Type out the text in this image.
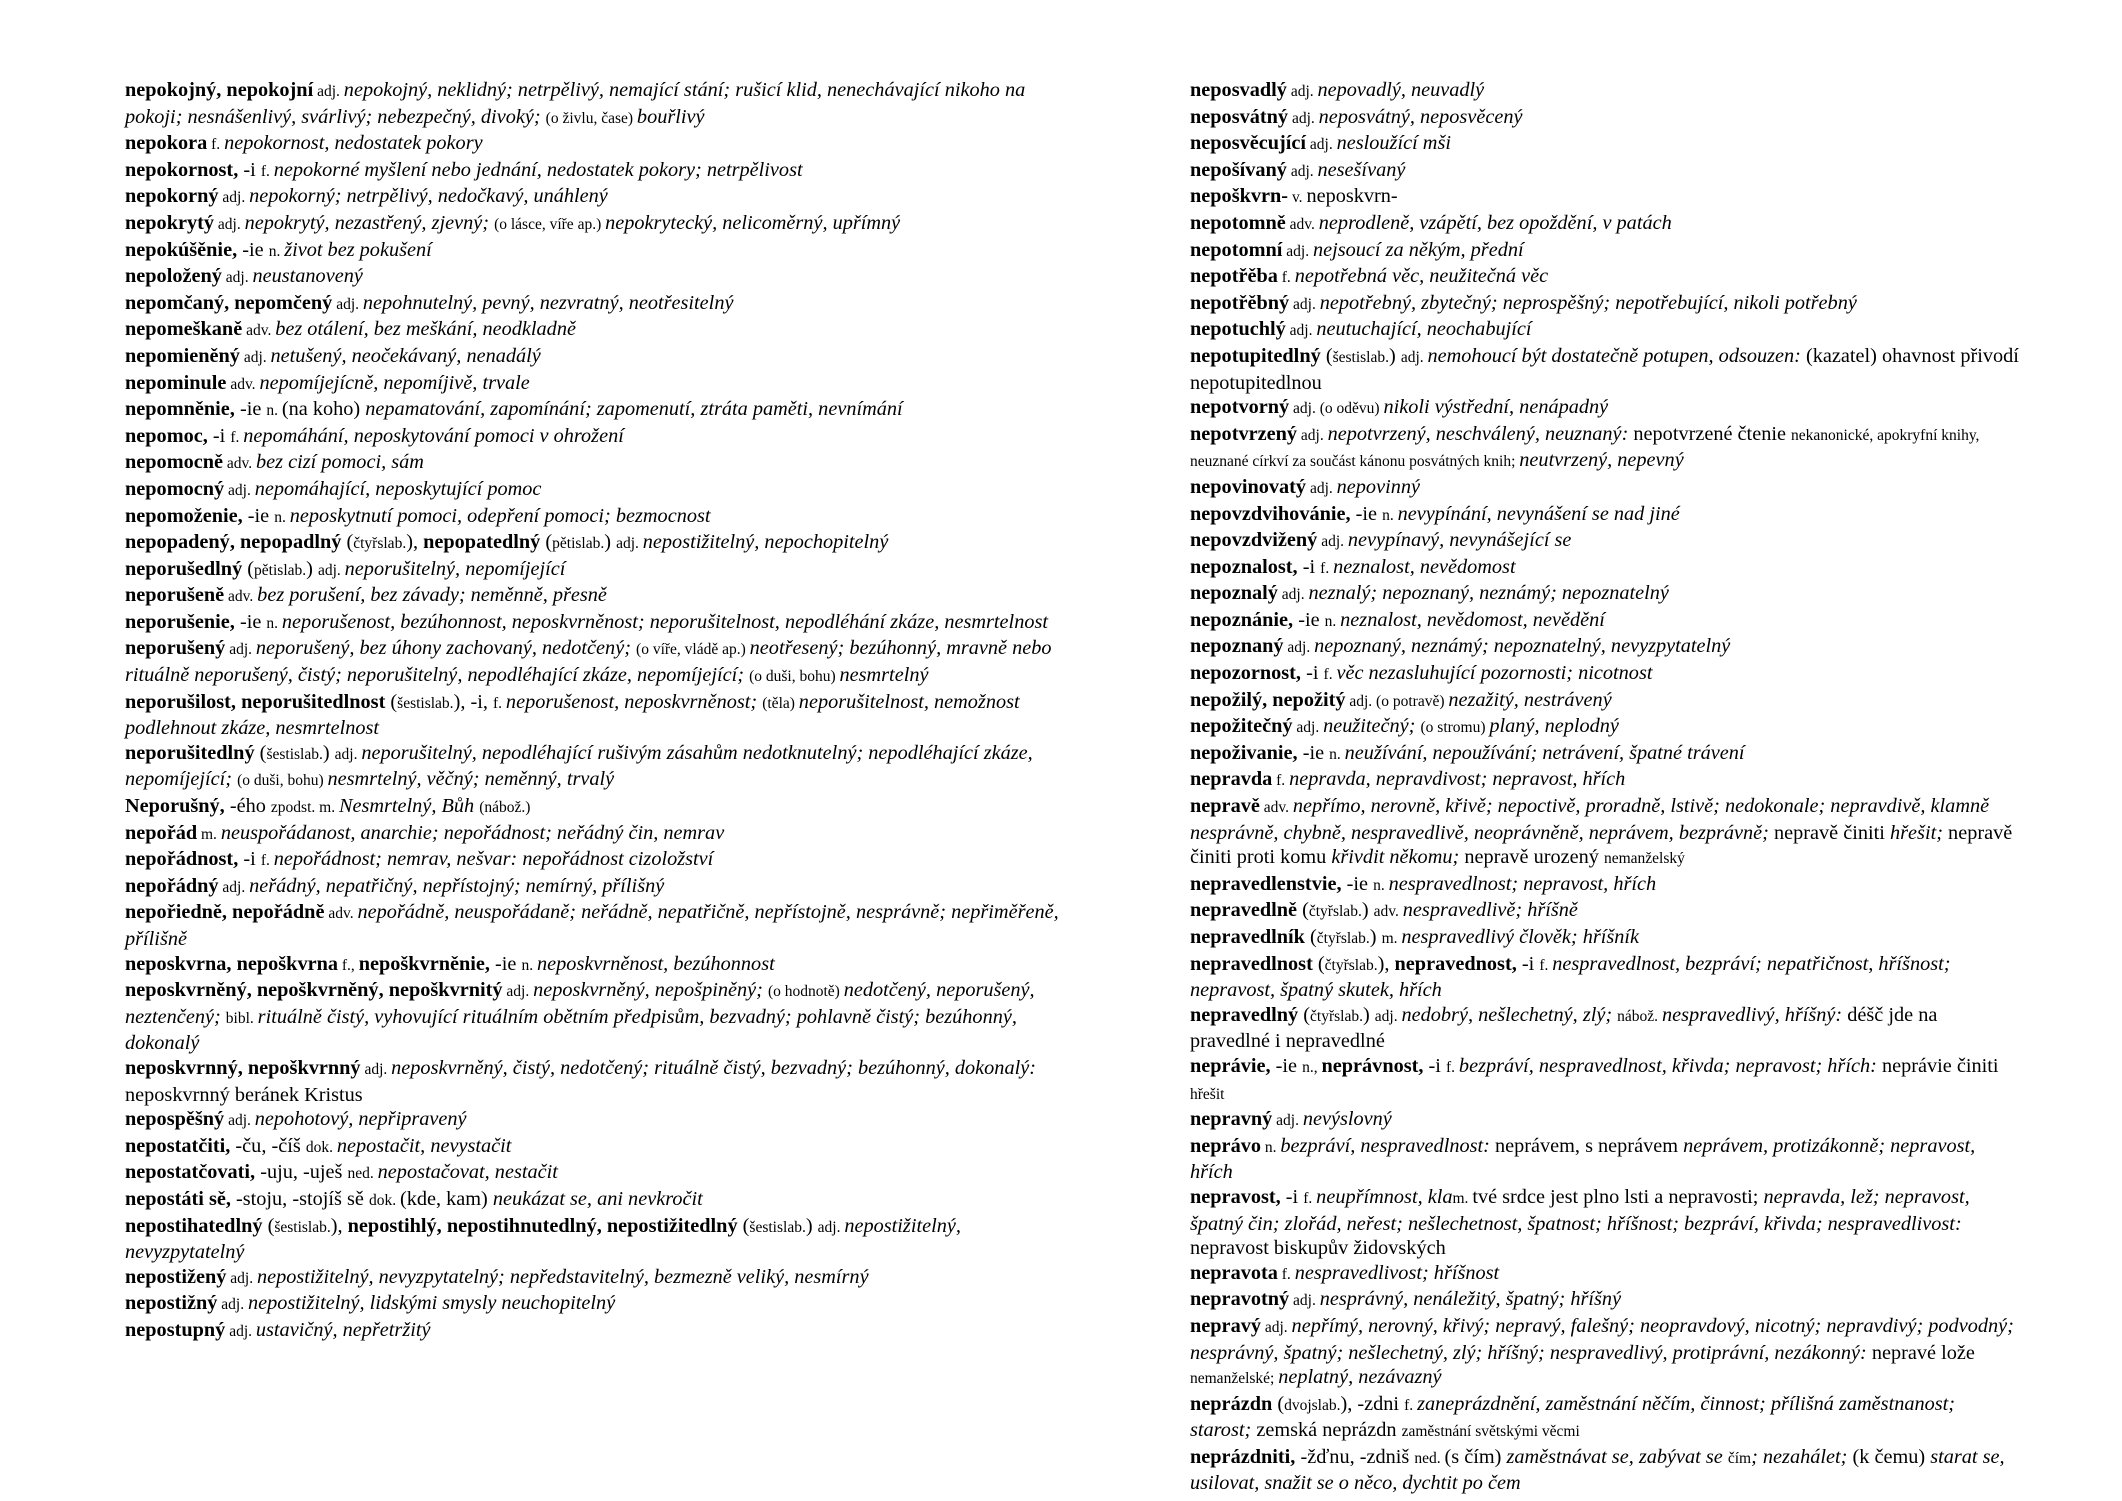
nepokojný, nepokojní adj. nepokojný, neklidný; netrpělivý, nemající stání; rušicí klid, nenechávající nikoho na pokoji; nesnášenlivý, svárlivý; nebezpečný, divoký; (o živlu, čase) bouřlivý

nepokora f. nepokornost, nedostatek pokory

nepokornost, -i f. nepokorné myšlení nebo jednání, nedostatek pokory; netrpělivost

nepokorný adj. nepokorný; netrpělivý, nedočkavý, unáhlený

nepokrytý adj. nepokrytý, nezastřený, zjevný; (o lásce, víře ap.) nepokrytecký, nelicoměrný, upřímný

nepokúšěnie, -ie n. život bez pokušení

nepoložený adj. neustanovený

nepomčaný, nepomčený adj. nepohnutelný, pevný, nezvratný, neotřesitelný

nepomeškaně adv. bez otálení, bez meškání, neodkladně

nepomieněný adj. netušený, neočekávaný, nenadálý

nepominule adv. nepomíjejícně, nepomíjivě, trvale

nepomněnie, -ie n. (na koho) nepamatování, zapomínání; zapomenutí, ztráta paměti, nevnímání

nepomoc, -i f. nepomáhání, neposkytování pomoci v ohrožení

nepomocně adv. bez cizí pomoci, sám

nepomocný adj. nepomáhající, neposkytující pomoc

nepomoženie, -ie n. neposkytnutí pomoci, odepření pomoci; bezmocnost

nepopadený, nepopadlný (čtyřslab.), nepopatedlný (pětislab.) adj. nepostižitelný, nepochopitelný

neporušedlný (pětislab.) adj. neporušitelný, nepomíjející

neporušeně adv. bez porušení, bez závady; neměnně, přesně

neporušenie, -ie n. neporušenost, bezúhonnost, neposkvrněnost; neporušitelnost, nepodléhání zkáze, nesmrtelnost

neporušený adj. neporušený, bez úhony zachovaný, nedotčený; (o víře, vládě ap.) neotřesený; bezúhonný, mravně nebo rituálně neporušený, čistý; neporušitelný, nepodléhající zkáze, nepomíjející; (o duši, bohu) nesmrtelný

neporušilost, neporušitedlnost (šestislab.), -i, f. neporušenost, neposkvrněnost; (těla) neporušitelnost, nemožnost podlehnout zkáze, nesmrtelnost

neporušitedlný (šestislab.) adj. neporušitelný, nepodléhající rušivým zásahům nedotknutelný; nepodléhající zkáze, nepomíjející; (o duši, bohu) nesmrtelný, věčný; neměnný, trvalý

Neporušný, -ého zpodst. m. Nesmrtelný, Bůh (nábož.)

nepořád m. neuspořádanost, anarchie; nepořádnost; neřádný čin, nemrav

nepořádnost, -i f. nepořádnost; nemrav, nešvar: nepořádnost cizoložství

nepořádný adj. neřádný, nepatřičný, nepřístojný; nemírný, přílišný

nepořiedně, nepořádně adv. nepořádně, neuspořádaně; neřádně, nepatřičně, nepřístojně, nesprávně; nepřiměřeně, přílišně

neposkvrna, nepoškvrna f., nepoškvrněnie, -ie n. neposkvrněnost, bezúhonnost

neposkvrněný, nepoškvrněný, nepoškvrnitý adj. neposkvrněný, nepošpiněný; (o hodnotě) nedotčený, neporušený, neztenčený; bibl. rituálně čistý, vyhovující rituálním obětním předpisům, bezvadný; pohlavně čistý; bezúhonný, dokonalý

neposkvrnný, nepoškvrnný adj. neposkvrněný, čistý, nedotčený; rituálně čistý, bezvadný; bezúhonný, dokonalý: neposkvrnný beránek Kristus

nepospěšný adj. nepohotový, nepřipravený

nepostatčiti, -ču, -číš dok. nepostačit, nevystačit

nepostatčovati, -uju, -uješ ned. nepostačovat, nestačit

nepostáti sě, -stoju, -stojíš sě dok. (kde, kam) neukázat se, ani nevkročit

nepostihatedlný (šestislab.), nepostihlý, nepostihnutedlný, nepostižitedlný (šestislab.) adj. nepostižitelný, nevyzpytatelný

nepostižený adj. nepostižitelný, nevyzpytatelný; nepředstavitelný, bezmezně veliký, nesmírný

nepostižný adj. nepostižitelný, lidskými smysly neuchopitelný

nepostupný adj. ustavičný, nepřetržitý

neposvadlý adj. nepovadlý, neuvadlý

neposvátný adj. neposvátný, neposvěcený

neposvěcující adj. nesloužící mši

nepošívaný adj. nesešívaný

nepoškvrn- v. neposkvrn-

nepotomně adv. neprodleně, vzápětí, bez opoždění, v patách

nepotomní adj. nejsoucí za někým, přední

nepotřěba f. nepotřebná věc, neužitečná věc

nepotřěbný adj. nepotřebný, zbytečný; neprospěšný; nepotřebující, nikoli potřebný

nepotuchlý adj. neutuchající, neochabující

nepotupitedlný (šestislab.) adj. nemohoucí být dostatečně potupen, odsouzen: (kazatel) ohavnost přivodí nepotupitedlnou

nepotvorný adj. (o oděvu) nikoli výstřední, nenápadný

nepotvrzený adj. nepotvrzený, neschválený, neuznaný: nepotvrzené čtenie nekanonické, apokryfní knihy, neuznané církví za součást kánonu posvátných knih; neutvrzený, nepevný

nepovinovatý adj. nepovinný

nepovzdvihovánie, -ie n. nevypínání, nevynášení se nad jiné

nepovzdvižený adj. nevypínavý, nevynášející se

nepoznalost, -i f. neznalost, nevědomost

nepoznalý adj. neznalý; nepoznaný, neznámý; nepoznatelný

nepoznánie, -ie n. neznalost, nevědomost, nevědění

nepoznaný adj. nepoznaný, neznámý; nepoznatelný, nevyzpytatelný

nepozornost, -i f. věc nezasluhující pozornosti; nicotnost

nepožilý, nepožitý adj. (o potravě) nezažitý, nestrávený

nepožitečný adj. neužitečný; (o stromu) planý, neplodný

nepoživanie, -ie n. neužívání, nepoužívání; netrávení, špatné trávení

nepravda f. nepravda, nepravdivost; nepravost, hřích

nepravě adv. nepřímo, nerovně, křivě; nepoctivě, proradně, lstivě; nedokonale; nepravdivě, klamně nesprávně, chybně, nespravedlivě, neoprávněně, neprávem, bezprávně; nepravě činiti hřešit; nepravě činiti proti komu křivdit někomu; nepravě urozený nemanželský

nepravedlenstvie, -ie n. nespravedlnost; nepravost, hřích

nepravedlně (čtyřslab.) adv. nespravedlivě; hříšně

nepravedlník (čtyřslab.) m. nespravedlivý člověk; hříšník

nepravedlnost (čtyřslab.), nepravednost, -i f. nespravedlnost, bezpráví; nepatřičnost, hříšnost; nepravost, špatný skutek, hřích

nepravedlný (čtyřslab.) adj. nedobrý, nešlechetný, zlý; nábož. nespravedlivý, hříšný: déšč jde na pravedlné i nepravedlné

neprávie, -ie n., neprávnost, -i f. bezpráví, nespravedlnost, křivda; nepravost; hřích: neprávie činiti hřešit

nepravný adj. nevýslovný

neprávo n. bezpráví, nespravedlnost: neprávem, s neprávem neprávem, protizákonně; nepravost, hřích

nepravost, -i f. neupřímnost, klam. tvé srdce jest plno lsti a nepravosti; nepravda, lež; nepravost, špatný čin; zlořád, neřest; nešlechetnost, špatnost; hříšnost; bezpráví, křivda; nespravedlivost: nepravost biskupův židovských

nepravota f. nespravedlivost; hříšnost

nepravotný adj. nesprávný, nenáležitý, špatný; hříšný

nepravý adj. nepřímý, nerovný, křivý; nepravý, falešný; neopravdový, nicotný; nepravdivý; podvodný; nesprávný, špatný; nešlechetný, zlý; hříšný; nespravedlivý, protiprávní, nezákonný: nepravé lože nemanželské; neplatný, nezávazný

neprázdn (dvojslab.), -zdni f. zaneprázdnění, zaměstnání něčím, činnost; přílišná zaměstnanost; starost; zemská neprázdn zaměstnání světskými věcmi

neprázdniti, -žďnu, -zdniš ned. (s čím) zaměstnávat se, zabývat se čím; nezahálet; (k čemu) starat se, usilovat, snažit se o něco, dychtit po čem
